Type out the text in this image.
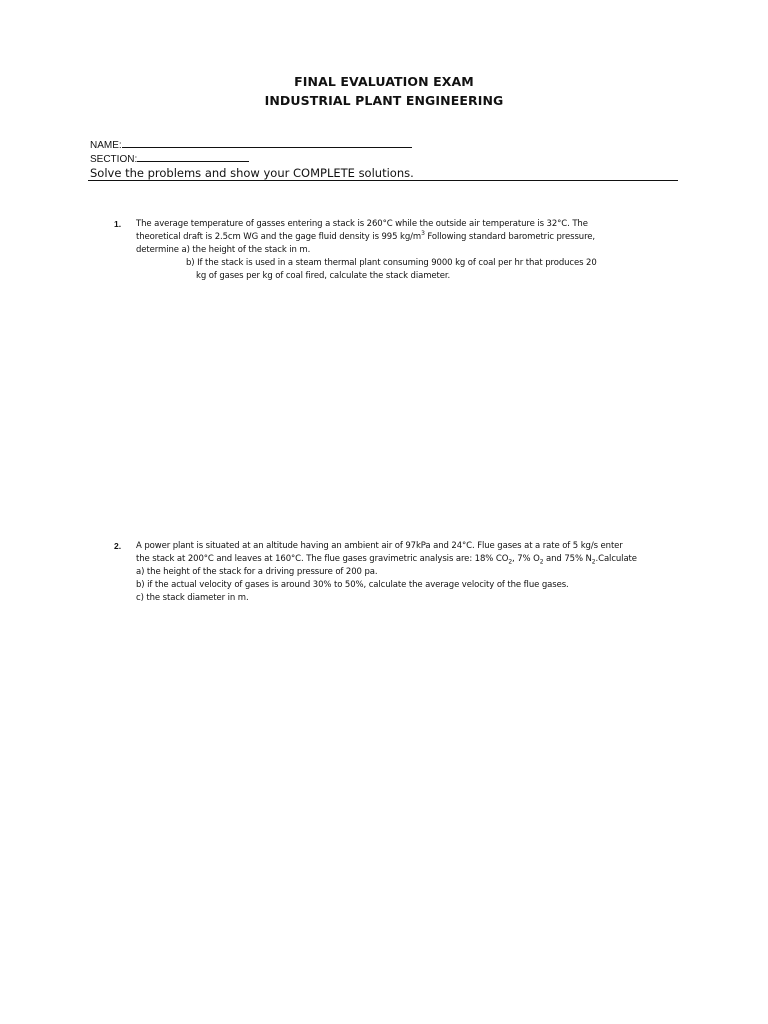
FINAL EVALUATION EXAM
INDUSTRIAL PLANT ENGINEERING
NAME:
SECTION:
Solve the problems and show your COMPLETE solutions.
1. The average temperature of gasses entering a stack is 260°C while the outside air temperature is 32°C. The
theoretical draft is 2.5cm WG and the gage fluid density is 995 $kg/m^3$ Following standard barometric pressure,
determine a) the height of the stack in m.
b) If the stack is used in a steam thermal plant consuming 9000 kg of coal per hr that produces 20
kg of gases per kg of coal fired, calculate the stack diameter.
2. A power plant is situated at an altitude having an ambient air of 97kPa and 24°C. Flue gases at a rate of 5 kg/s enter
the stack at 200°C and leaves at 160°C. The flue gases gravimetric analysis are: 18% $CO_2$, 7% $O_2$ and 75% $N_2.Calculate$
a) the height of the stack for a driving pressure of 200 pa.
b) if the actual velocity of gases is around 30% to 50%, calculate the average velocity of the flue gases.
c) the stack diameter in m.
